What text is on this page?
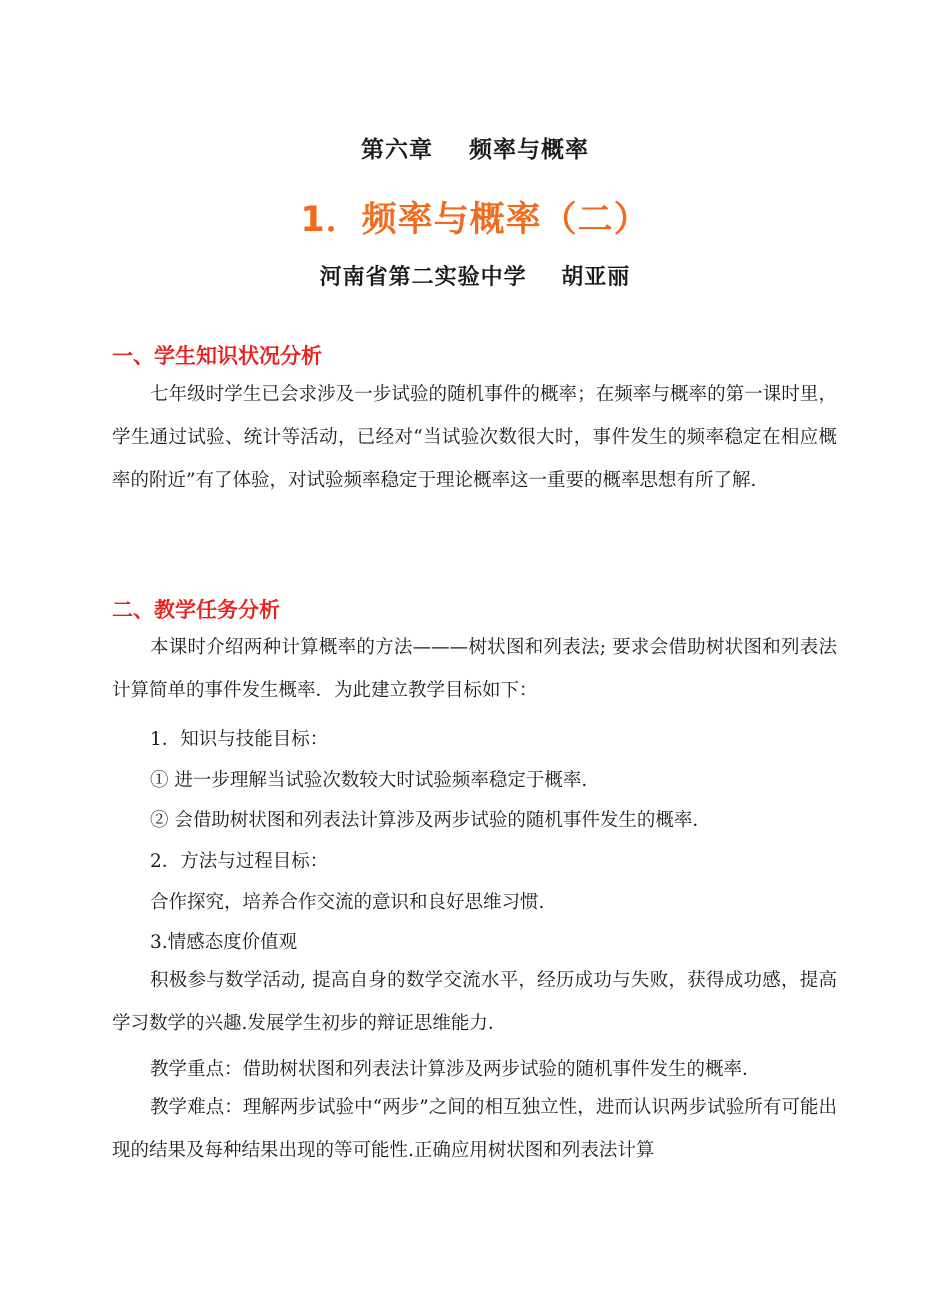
第六章    频率与概率
1．频率与概率（二）
河南省第二实验中学    胡亚丽
一、学生知识状况分析
七年级时学生已会求涉及一步试验的随机事件的概率；在频率与概率的第一课时里，学生通过试验、统计等活动，已经对“当试验次数很大时，事件发生的频率稳定在相应概率的附近”有了体验，对试验频率稳定于理论概率这一重要的概率思想有所了解.
二、教学任务分析
本课时介绍两种计算概率的方法———树状图和列表法; 要求会借助树状图和列表法计算简单的事件发生概率．为此建立教学目标如下：
1．知识与技能目标：
① 进一步理解当试验次数较大时试验频率稳定于概率.
② 会借助树状图和列表法计算涉及两步试验的随机事件发生的概率．
2．方法与过程目标：
合作探究，培养合作交流的意识和良好思维习惯.
3.情感态度价值观
积极参与数学活动, 提高自身的数学交流水平，经历成功与失败，获得成功感，提高学习数学的兴趣.发展学生初步的辩证思维能力．
教学重点：借助树状图和列表法计算涉及两步试验的随机事件发生的概率．
教学难点：理解两步试验中“两步”之间的相互独立性，进而认识两步试验所有可能出现的结果及每种结果出现的等可能性.正确应用树状图和列表法计算
